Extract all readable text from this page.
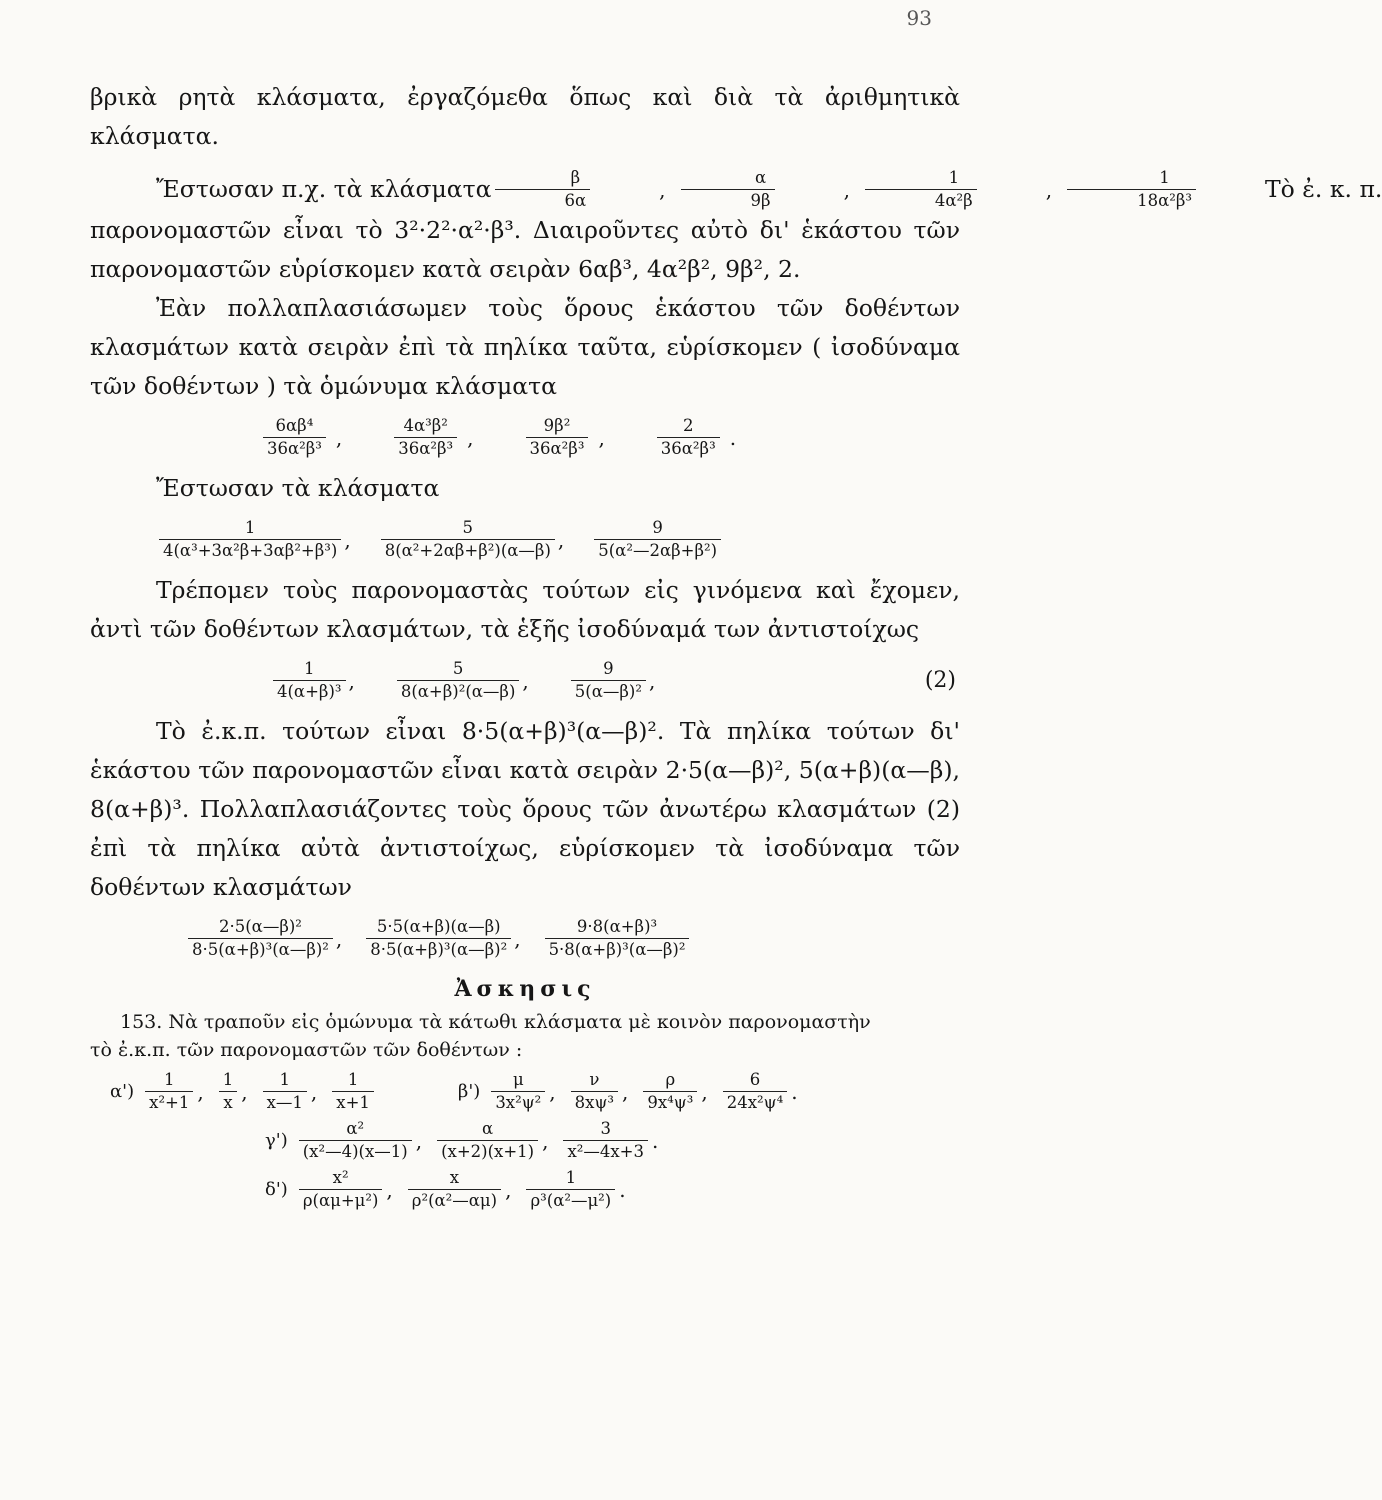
93

βρικὰ ρητὰ κλάσματα, ἐργαζόμεθα ὅπως καὶ διὰ τὰ ἀριθμητικὰ κλάσματα.

Ἔστωσαν π.χ. τὰ κλάσματα $\frac{\beta}{6\alpha}$	, $\frac{\alpha}{9\beta}$	, $\frac{1}{\text{4α²β}}$	, $\frac{1}{\text{18α²β³}}$	Τὸ ἐ. κ. π.

παρονομαστῶν εἶναι τὸ 3²·2²·α²·β³. Διαιροῦντες αὐτὸ δι' ἑκάστου τῶν παρονομαστῶν εὑρίσκομεν κατὰ σειρὰν 6αβ³, 4α²β², 9β², 2.

Ἐὰν πολλαπλασιάσωμεν τοὺς ὅρους ἑκάστου τῶν δοθέντων κλασμάτων κατὰ σειρὰν ἐπὶ τὰ πηλίκα ταῦτα, εὑρίσκομεν ( ἰσοδύναμα τῶν δοθέντων ) τὰ ὁμώνυμα κλάσματα

$\frac{\text{6αβ⁴}}{\text{36α²β³}}$ ,	$\frac{\text{4α³β²}}{\text{36α²β³}}$ ,	$\frac{\text{9β²}}{\text{36α²β³}}$ ,	$\frac{2}{\text{36α²β³}}$ .

Ἔστωσαν τὰ κλάσματα

$\frac{1}{\text{4(α³+3α²β+3αβ²+β³)}}$ , $\frac{5}{\text{8(α²+2αβ+β²)(α—β)}}$ , $\frac{9}{\text{5(α²—2αβ+β²)}}$

Τρέπομεν τοὺς παρονομαστὰς τούτων εἰς γινόμενα καὶ ἔχομεν, ἀντὶ τῶν δοθέντων κλασμάτων, τὰ ἑξῆς ἰσοδύναμά των ἀντιστοίχως

$\frac{1}{\text{4(α+β)³}}$ ,	$\frac{5}{\text{8(α+β)²(α—β)}}$ ,	$\frac{9}{\text{5(α—β)²}}$ ,	(2)

Τὸ ἐ.κ.π. τούτων εἶναι 8·5(α+β)³(α—β)². Τὰ πηλίκα τούτων δι' ἑκάστου τῶν παρονομαστῶν εἶναι κατὰ σειρὰν 2·5(α—β)², 5(α+β)(α—β), 8(α+β)³. Πολλαπλασιάζοντες τοὺς ὅρους τῶν ἀνωτέρω κλασμάτων (2) ἐπὶ τὰ πηλίκα αὐτὰ ἀντιστοίχως, εὑρίσκομεν τὰ ἰσοδύναμα τῶν δοθέντων κλασμάτων

$\frac{\text{2·5(α—β)²}}{\text{8·5(α+β)³(α—β)²}}$ , $\frac{5\cdot 5(\alpha+\beta)(\alpha—\beta)}{\text{8·5(α+β)³(α—β)²}}$ , $\frac{\text{9·8(α+β)³}}{\text{5·8(α+β)³(α—β)²}}$
Ἀσκησις

153. Νὰ τραποῦν εἰς ὁμώνυμα τὰ κάτωθι κλάσματα μὲ κοινὸν παρονομαστὴν

τὸ ἐ.κ.π. τῶν παρονομαστῶν τῶν δοθέντων :

$\alpha') \frac{1}{\text{x²+1}}$ , $\frac{1}{x}$ , $\frac{1}{x—1}$ , $\frac{1}{x+1}$	$\beta') \frac{\mu}{\text{3x²ψ²}}$ , $\frac{\nu}{\text{8xψ³}}$ , $\frac{\rho}{\text{9x⁴ψ³}}$ , $\frac{6}{\text{24x²ψ⁴}}$ .
$\gamma') \frac{\text{α²}}{\text{(x²—4)(x—1)}}$ , $\frac{\alpha}{(x+2)(x+1)}$ , $\frac{3}{\text{x²—4x+3}}$ .
$\delta') \frac{\text{x²}}{\text{ρ(αμ+μ²)}}$ , $\frac{x}{\text{ρ²(α²—αμ)}}$ , $\frac{1}{\text{ρ³(α²—μ²)}}$ .
